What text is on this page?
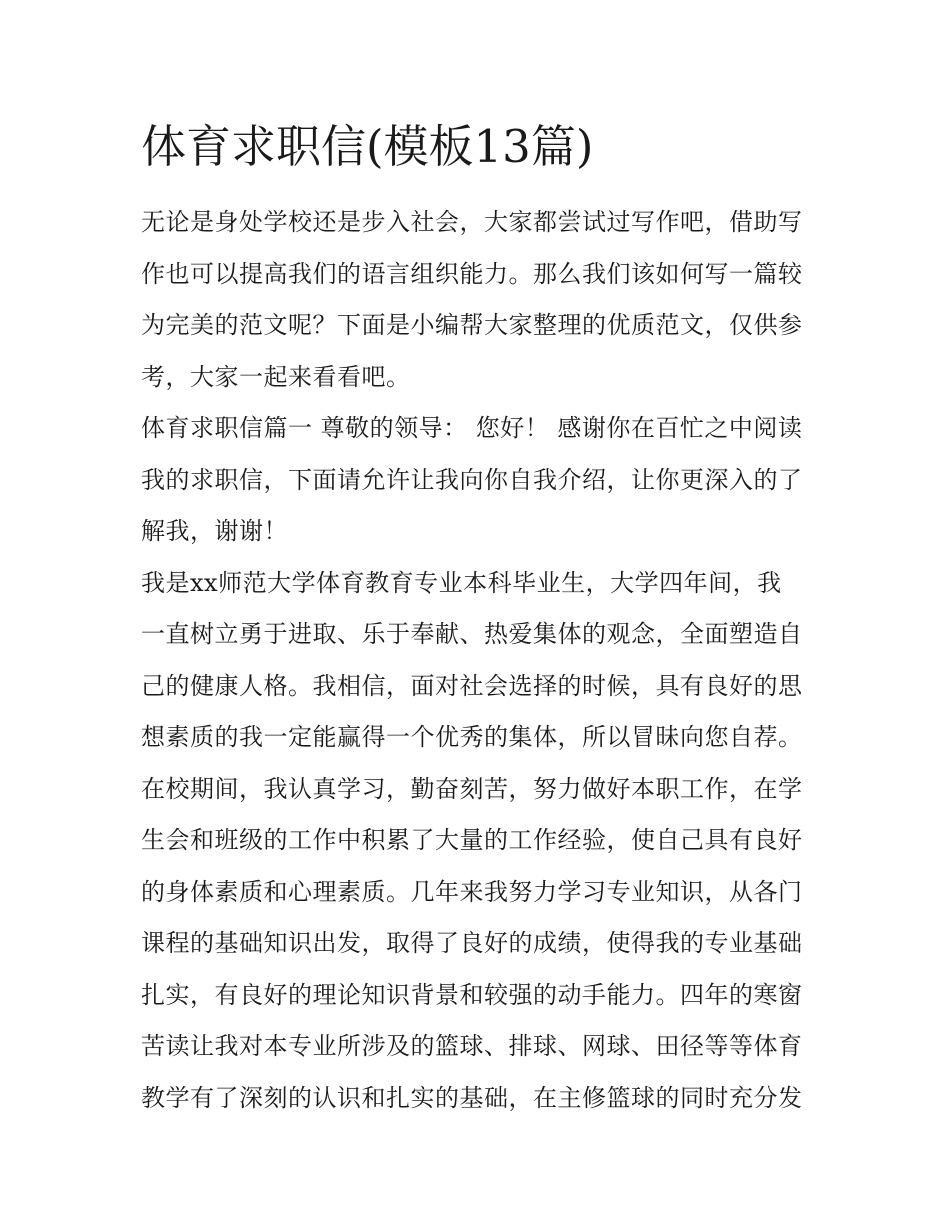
体育求职信(模板13篇)
无论是身处学校还是步入社会，大家都尝试过写作吧，借助写
作也可以提高我们的语言组织能力。那么我们该如何写一篇较
为完美的范文呢？下面是小编帮大家整理的优质范文，仅供参
考，大家一起来看看吧。
体育求职信篇一 尊敬的领导： 您好！ 感谢你在百忙之中阅读
我的求职信，下面请允许让我向你自我介绍，让你更深入的了
解我，谢谢！
我是xx师范大学体育教育专业本科毕业生，大学四年间，我
一直树立勇于进取、乐于奉献、热爱集体的观念，全面塑造自
己的健康人格。我相信，面对社会选择的时候，具有良好的思
想素质的我一定能赢得一个优秀的集体，所以冒昧向您自荐。
在校期间，我认真学习，勤奋刻苦，努力做好本职工作，在学
生会和班级的工作中积累了大量的工作经验，使自己具有良好
的身体素质和心理素质。几年来我努力学习专业知识，从各门
课程的基础知识出发，取得了良好的成绩，使得我的专业基础
扎实，有良好的理论知识背景和较强的动手能力。四年的寒窗
苦读让我对本专业所涉及的篮球、排球、网球、田径等等体育
教学有了深刻的认识和扎实的基础，在主修篮球的同时充分发
